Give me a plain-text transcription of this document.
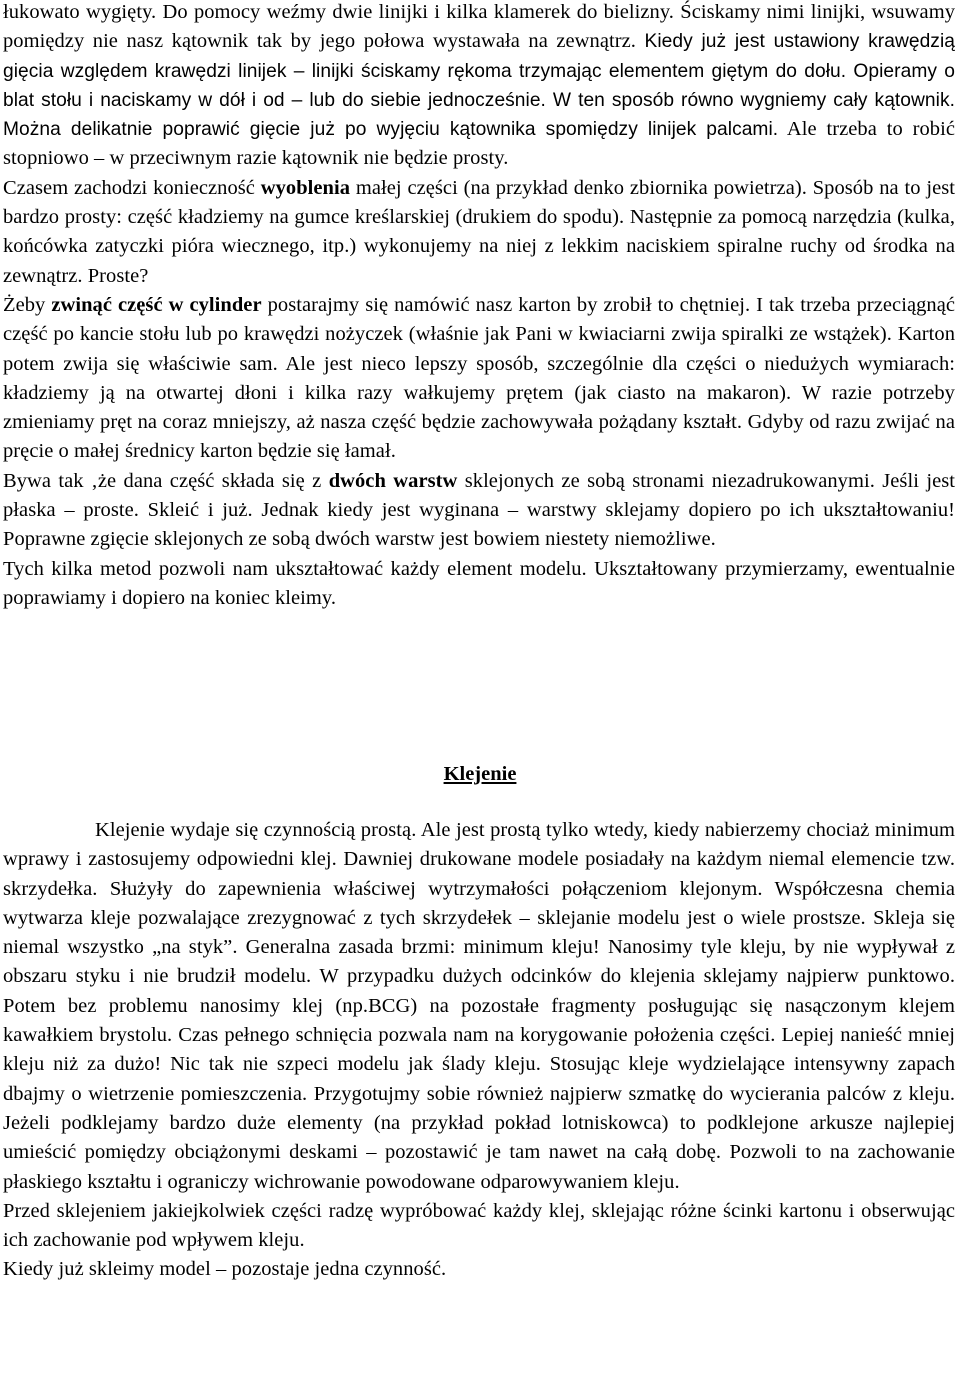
łukowato wygięty. Do pomocy weźmy dwie linijki i kilka klamerek do bielizny. Ściskamy nimi linijki, wsuwamy pomiędzy nie nasz kątownik tak by jego połowa wystawała na zewnątrz. Kiedy już jest ustawiony krawędzią gięcia względem krawędzi linijek – linijki ściskamy rękoma trzymając elementem giętym do dołu. Opieramy o blat stołu i naciskamy w dół i od – lub do siebie jednocześnie. W ten sposób równo wygniemy cały kątownik. Można delikatnie poprawić gięcie już po wyjęciu kątownika spomiędzy linijek palcami. Ale trzeba to robić stopniowo – w przeciwnym razie kątownik nie będzie prosty.

Czasem zachodzi konieczność wyoblenia małej części (na przykład denko zbiornika powietrza). Sposób na to jest bardzo prosty: część kładziemy na gumce kreślarskiej (drukiem do spodu). Następnie za pomocą narzędzia (kulka, końcówka zatyczki pióra wiecznego, itp.) wykonujemy na niej z lekkim naciskiem spiralne ruchy od środka na zewnątrz. Proste?

Żeby zwinąć część w cylinder postarajmy się namówić nasz karton by zrobił to chętniej. I tak trzeba przeciągnąć część po kancie stołu lub po krawędzi nożyczek (właśnie jak Pani w kwiaciarni zwija spiralki ze wstążek). Karton potem zwija się właściwie sam. Ale jest nieco lepszy sposób, szczególnie dla części o niedużych wymiarach: kładziemy ją na otwartej dłoni i kilka razy wałkujemy prętem (jak ciasto na makaron). W razie potrzeby zmieniamy pręt na coraz mniejszy, aż nasza część będzie zachowywała pożądany kształt. Gdyby od razu zwijać na pręcie o małej średnicy karton będzie się łamał.

Bywa tak ‚że dana część składa się z dwóch warstw sklejonych ze sobą stronami niezadrukowanymi. Jeśli jest płaska – proste. Skleić i już. Jednak kiedy jest wyginana – warstwy sklejamy dopiero po ich ukształtowaniu! Poprawne zgięcie sklejonych ze sobą dwóch warstw jest bowiem niestety niemożliwe.

Tych kilka metod pozwoli nam ukształtować każdy element modelu. Ukształtowany przymierzamy, ewentualnie poprawiamy i dopiero na koniec kleimy.

Klejenie

Klejenie wydaje się czynnością prostą. Ale jest prostą tylko wtedy, kiedy nabierzemy chociaż minimum wprawy i zastosujemy odpowiedni klej. Dawniej drukowane modele posiadały na każdym niemal elemencie tzw. skrzydełka. Służyły do zapewnienia właściwej wytrzymałości połączeniom klejonym. Współczesna chemia wytwarza kleje pozwalające zrezygnować z tych skrzydełek – sklejanie modelu jest o wiele prostsze. Skleja się niemal wszystko „na styk”. Generalna zasada brzmi: minimum kleju! Nanosimy tyle kleju, by nie wypływał z obszaru styku i nie brudził modelu. W przypadku dużych odcinków do klejenia sklejamy najpierw punktowo. Potem bez problemu nanosimy klej (np.BCG) na pozostałe fragmenty posługując się nasączonym klejem kawałkiem brystolu. Czas pełnego schnięcia pozwala nam na korygowanie położenia części. Lepiej nanieść mniej kleju niż za dużo! Nic tak nie szpeci modelu jak ślady kleju. Stosując kleje wydzielające intensywny zapach dbajmy o wietrzenie pomieszczenia. Przygotujmy sobie również najpierw szmatkę do wycierania palców z kleju. Jeżeli podklejamy bardzo duże elementy (na przykład pokład lotniskowca) to podklejone arkusze najlepiej umieścić pomiędzy obciążonymi deskami – pozostawić je tam nawet na całą dobę. Pozwoli to na zachowanie płaskiego kształtu i ograniczy wichrowanie powodowane odparowywaniem kleju.

Przed sklejeniem jakiejkolwiek części radzę wypróbować każdy klej, sklejając różne ścinki kartonu i obserwując ich zachowanie pod wpływem kleju.

Kiedy już skleimy model – pozostaje jedna czynność.
